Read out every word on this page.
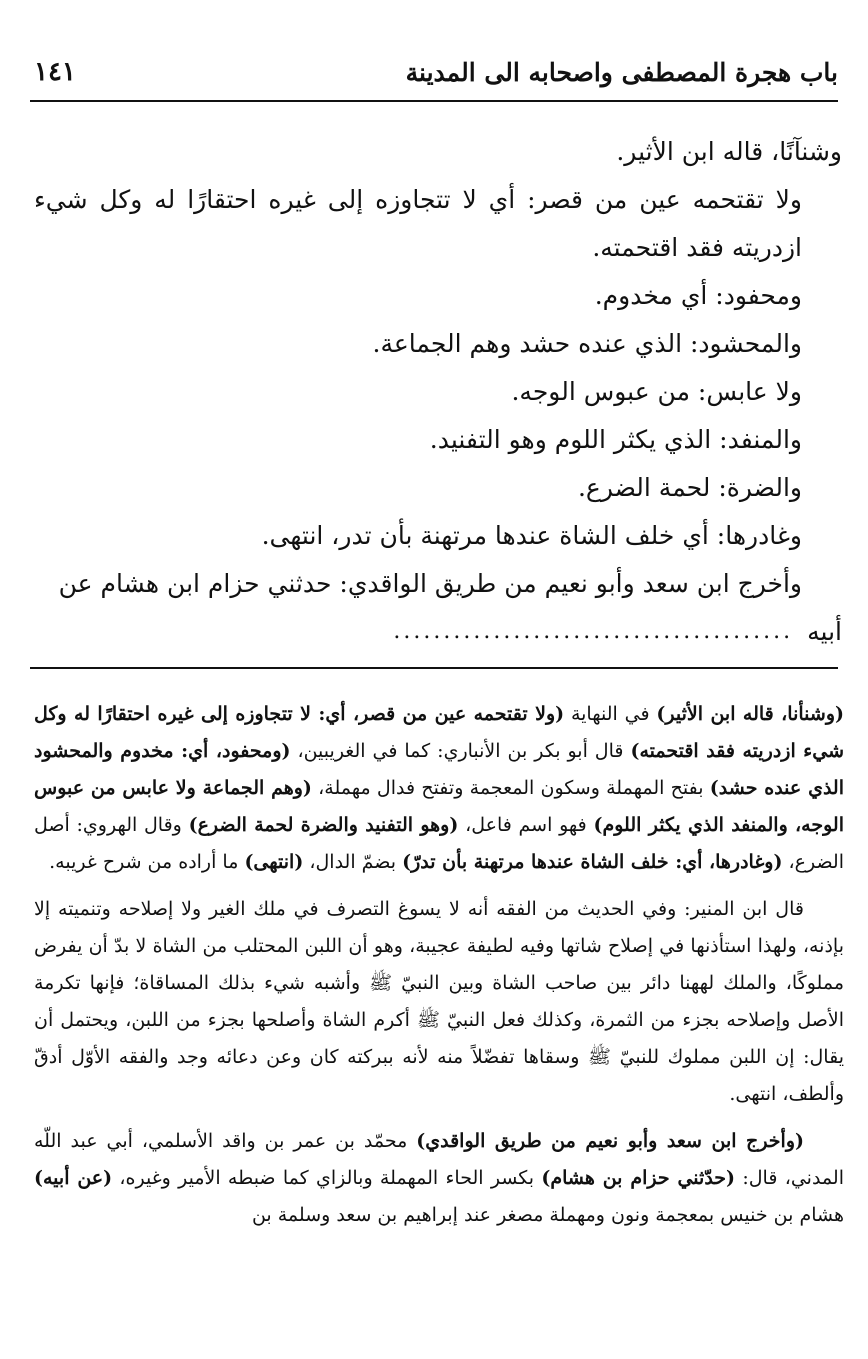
باب هجرة المصطفى واصحابه الى المدينة
١٤١

وشنآنًا، قاله ابن الأثير.

ولا تقتحمه عين من قصر: أي لا تتجاوزه إلى غيره احتقارًا له وكل شيء ازدريته فقد اقتحمته.

ومحفود: أي مخدوم.

والمحشود: الذي عنده حشد وهم الجماعة.

ولا عابس: من عبوس الوجه.

والمنفد: الذي يكثر اللوم وهو التفنيد.

والضرة: لحمة الضرع.

وغادرها: أي خلف الشاة عندها مرتهنة بأن تدر، انتهى.

وأخرج ابن سعد وأبو نعيم من طريق الواقدي: حدثني حزام ابن هشام عن

أبيه
........................................

(وشنأنا، قاله ابن الأثير) في النهاية (ولا تقتحمه عين من قصر، أي: لا تتجاوزه إلى غيره احتقارًا له وكل شيء ازدريته فقد اقتحمته) قال أبو بكر بن الأنباري: كما في الغريبين، (ومحفود، أي: مخدوم والمحشود الذي عنده حشد) بفتح المهملة وسكون المعجمة وتفتح فدال مهملة، (وهم الجماعة ولا عابس من عبوس الوجه، والمنفد الذي يكثر اللوم) فهو اسم فاعل، (وهو التفنيد والضرة لحمة الضرع) وقال الهروي: أصل الضرع، (وغادرها، أي: خلف الشاة عندها مرتهنة بأن تدرّ) بضمّ الدال، (انتهى) ما أراده من شرح غريبه.

قال ابن المنير: وفي الحديث من الفقه أنه لا يسوغ التصرف في ملك الغير ولا إصلاحه وتنميته إلا بإذنه، ولهذا استأذنها في إصلاح شاتها وفيه لطيفة عجيبة، وهو أن اللبن المحتلب من الشاة لا بدّ أن يفرض مملوكًا، والملك لههنا دائر بين صاحب الشاة وبين النبيّ ﷺ وأشبه شيء بذلك المساقاة؛ فإنها تكرمة الأصل وإصلاحه بجزء من الثمرة، وكذلك فعل النبيّ ﷺ أكرم الشاة وأصلحها بجزء من اللبن، ويحتمل أن يقال: إن اللبن مملوك للنبيّ ﷺ وسقاها تفضّلاً منه لأنه ببركته كان وعن دعائه وجد والفقه الأوّل أدقّ وألطف، انتهى.

(وأخرج ابن سعد وأبو نعيم من طريق الواقدي) محمّد بن عمر بن واقد الأسلمي، أبي عبد اللّه المدني، قال: (حدّثني حزام بن هشام) بكسر الحاء المهملة وبالزاي كما ضبطه الأمير وغيره، (عن أبيه) هشام بن خنيس بمعجمة ونون ومهملة مصغر عند إبراهيم بن سعد وسلمة بن
